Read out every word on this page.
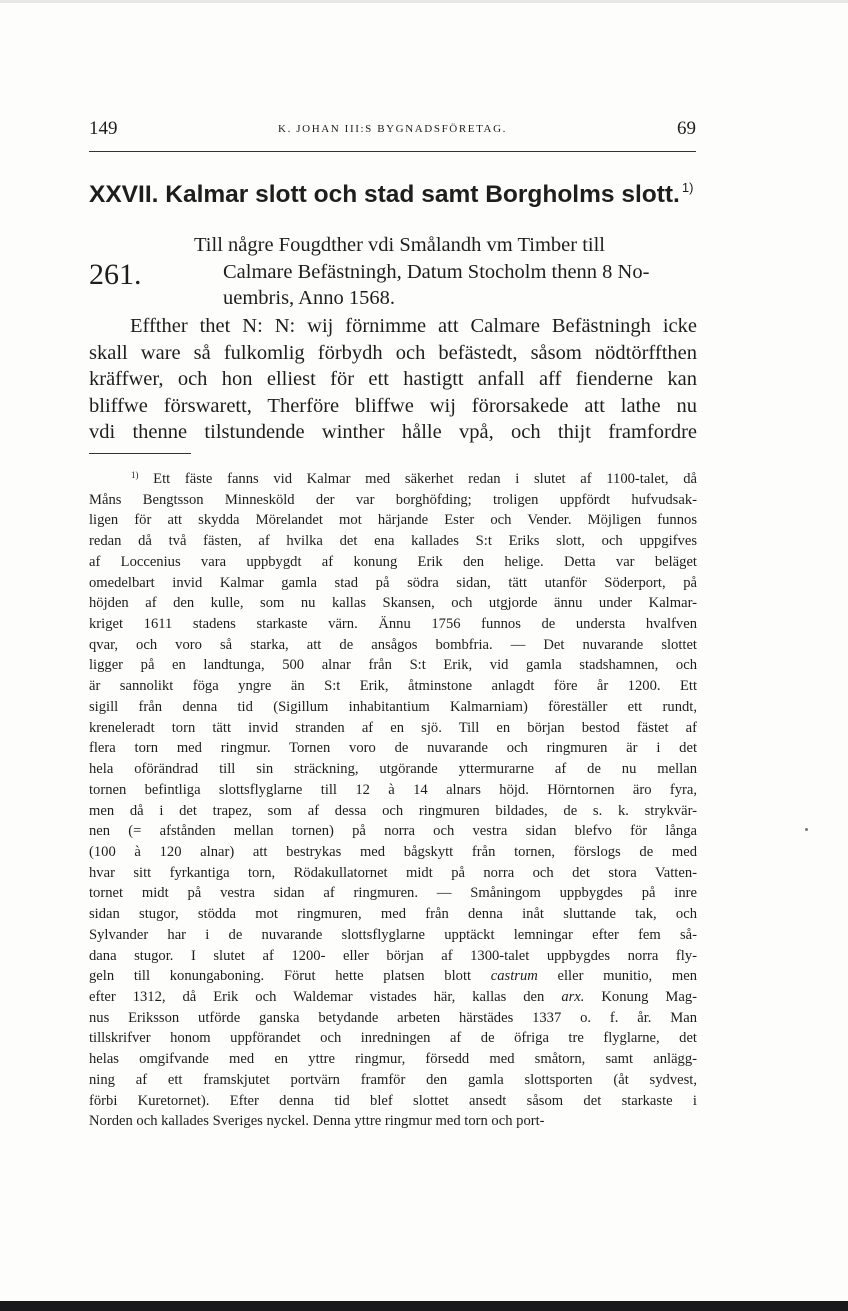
149	K. JOHAN III:S BYGNADSFÖRETAG.	69
XXVII. Kalmar slott och stad samt Borgholms slott. $^{1)}$
261.
Till någre Fougdther vdi Smålandh vm Timber till
Calmare Befästningh, Datum Stocholm thenn 8 No-
uembris, Anno 1568.
Effther thet N: N: wij förnimme att Calmare Befästningh icke
skall ware så fulkomlig förbydh och befästedt, såsom nödtörffthen
kräffwer, och hon elliest för ett hastigtt anfall aff fienderne kan
bliffwe förswarett, Therföre bliffwe wij förorsakede att lathe nu
vdi thenne tilstundende winther hålle vpå, och thijt framfordre
$^{1)}$ Ett fäste fanns vid Kalmar med säkerhet redan i slutet af 1100-talet, då
Måns Bengtsson Minnesköld der var borghöfding; troligen uppfördt hufvudsak-
ligen för att skydda Mörelandet mot härjande Ester och Vender. Möjligen funnos
redan då två fästen, af hvilka det ena kallades S:t Eriks slott, och uppgifves
af Loccenius vara uppbygdt af konung Erik den helige. Detta var beläget
omedelbart invid Kalmar gamla stad på södra sidan, tätt utanför Söderport, på
höjden af den kulle, som nu kallas Skansen, och utgjorde ännu under Kalmar-
kriget 1611 stadens starkaste värn. Ännu 1756 funnos de understa hvalfven
qvar, och voro så starka, att de ansågos bombfria. — Det nuvarande slottet
ligger på en landtunga, 500 alnar från S:t Erik, vid gamla stadshamnen, och
är sannolikt föga yngre än S:t Erik, åtminstone anlagdt före år 1200. Ett
sigill från denna tid (Sigillum inhabitantium Kalmarniam) föreställer ett rundt,
kreneleradt torn tätt invid stranden af en sjö. Till en början bestod fästet af
flera torn med ringmur. Tornen voro de nuvarande och ringmuren är i det
hela oförändrad till sin sträckning, utgörande yttermurarne af de nu mellan
tornen befintliga slottsflyglarne till 12 à 14 alnars höjd. Hörntornen äro fyra,
men då i det trapez, som af dessa och ringmuren bildades, de s. k. strykvär-
nen (= afstånden mellan tornen) på norra och vestra sidan blefvo för långa
(100 à 120 alnar) att bestrykas med bågskytt från tornen, förslogs de med
hvar sitt fyrkantiga torn, Rödakullatornet midt på norra och det stora Vatten-
tornet midt på vestra sidan af ringmuren. — Småningom uppbygdes på inre
sidan stugor, stödda mot ringmuren, med från denna inåt sluttande tak, och
Sylvander har i de nuvarande slottsflyglarne upptäckt lemningar efter fem så-
dana stugor. I slutet af 1200- eller början af 1300-talet uppbygdes norra fly-
geln till konungaboning. Förut hette platsen blott castrum eller munitio, men
efter 1312, då Erik och Waldemar vistades här, kallas den arx. Konung Mag-
nus Eriksson utförde ganska betydande arbeten härstädes 1337 o. f. år. Man
tillskrifver honom uppförandet och inredningen af de öfriga tre flyglarne, det
helas omgifvande med en yttre ringmur, försedd med småtorn, samt anlägg-
ning af ett framskjutet portvärn framför den gamla slottsporten (åt sydvest,
förbi Kuretornet). Efter denna tid blef slottet ansedt såsom det starkaste i
Norden och kallades Sveriges nyckel. Denna yttre ringmur med torn och port-
